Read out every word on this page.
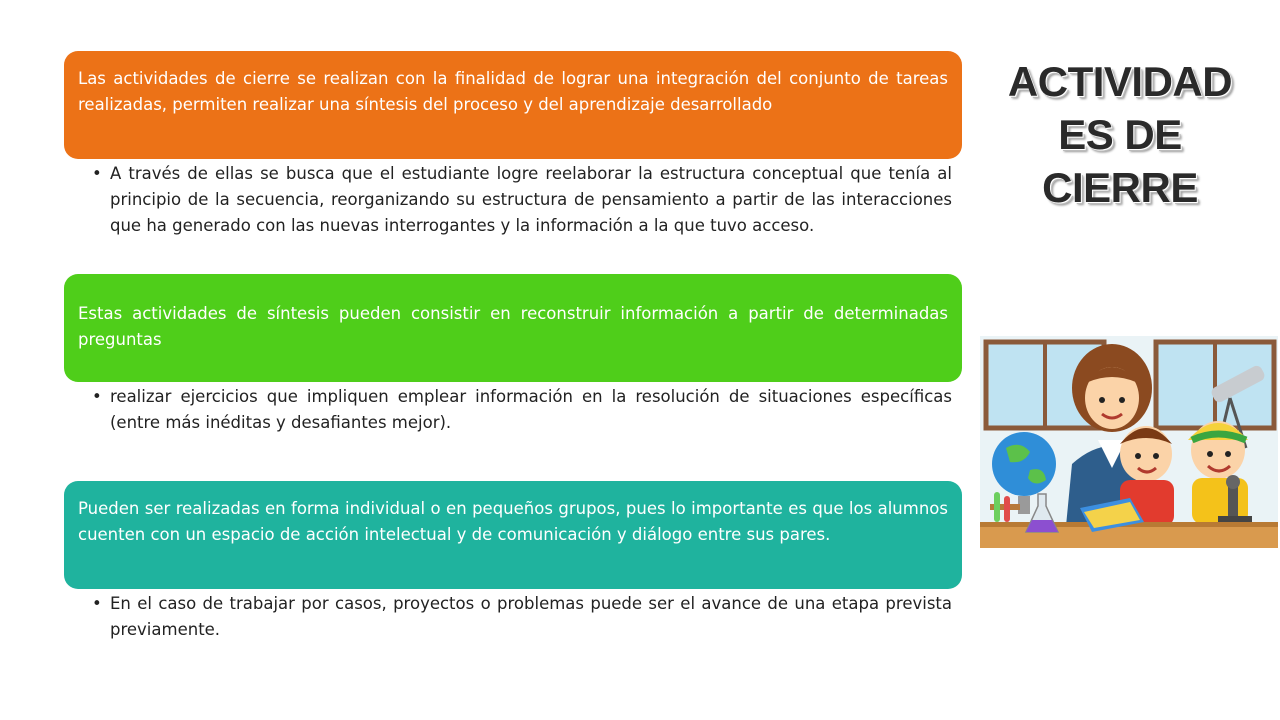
Las actividades de cierre se realizan con la finalidad de lograr una integración del conjunto de tareas realizadas, permiten realizar una síntesis del proceso y del aprendizaje desarrollado
• A través de ellas se busca que el estudiante logre reelaborar la estructura conceptual que tenía al principio de la secuencia, reorganizando su estructura de pensamiento a partir de las interacciones que ha generado con las nuevas interrogantes y la información a la que tuvo acceso.
Estas actividades de síntesis pueden consistir en reconstruir información a partir de determinadas preguntas
• realizar ejercicios que impliquen emplear información en la resolución de situaciones específicas (entre más inéditas y desafiantes mejor).
Pueden ser realizadas en forma individual o en pequeños grupos, pues lo importante es que los alumnos cuenten con un espacio de acción intelectual y de comunicación y diálogo entre sus pares.
• En el caso de trabajar por casos, proyectos o problemas puede ser el avance de una etapa prevista previamente.
ACTIVIDAD ES DE CIERRE
